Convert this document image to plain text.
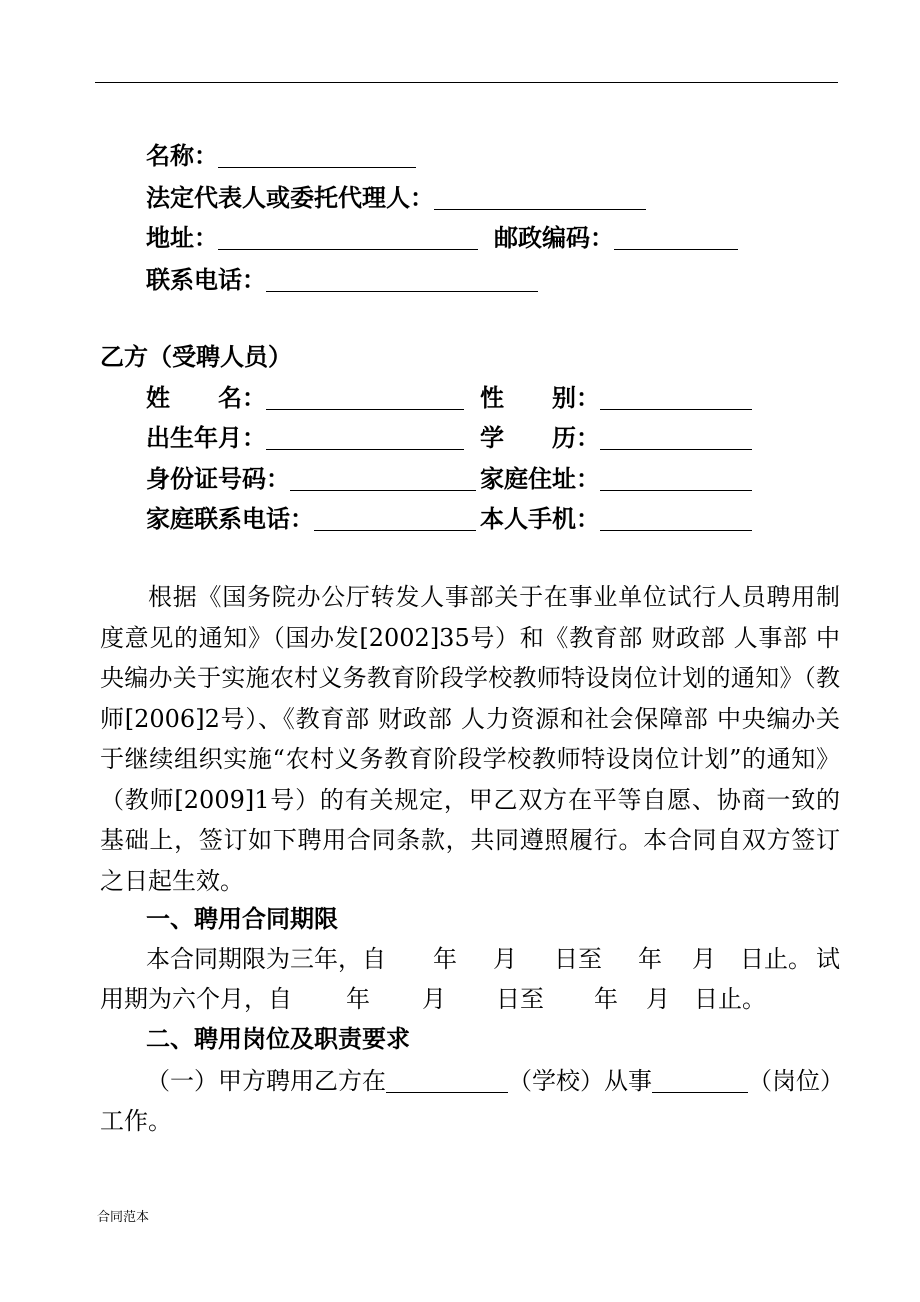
名称：
法定代表人或委托代理人：
地址：	邮政编码：
联系电话：
乙方（受聘人员）
姓　　名：	性　　别：
出生年月：	学　　历：
身份证号码：	家庭住址：
家庭联系电话：	本人手机：

根据《国务院办公厅转发人事部关于在事业单位试行人员聘用制度意见的通知》（国办发[2002]35号）和《教育部 财政部 人事部 中央编办关于实施农村义务教育阶段学校教师特设岗位计划的通知》（教师[2006]2号）、《教育部 财政部 人力资源和社会保障部 中央编办关于继续组织实施“农村义务教育阶段学校教师特设岗位计划”的通知》（教师[2009]1号）的有关规定，甲乙双方在平等自愿、协商一致的基础上，签订如下聘用合同条款，共同遵照履行。本合同自双方签订之日起生效。

一、聘用合同期限
本合同期限为三年，自 年 月 日至 年 月 日止。 试
用期为六个月，自 年 月 日至 年 月 日止。
二、聘用岗位及职责要求
（一）甲方聘用乙方在	（学校）从事	（岗位）
工作。
合同范本
